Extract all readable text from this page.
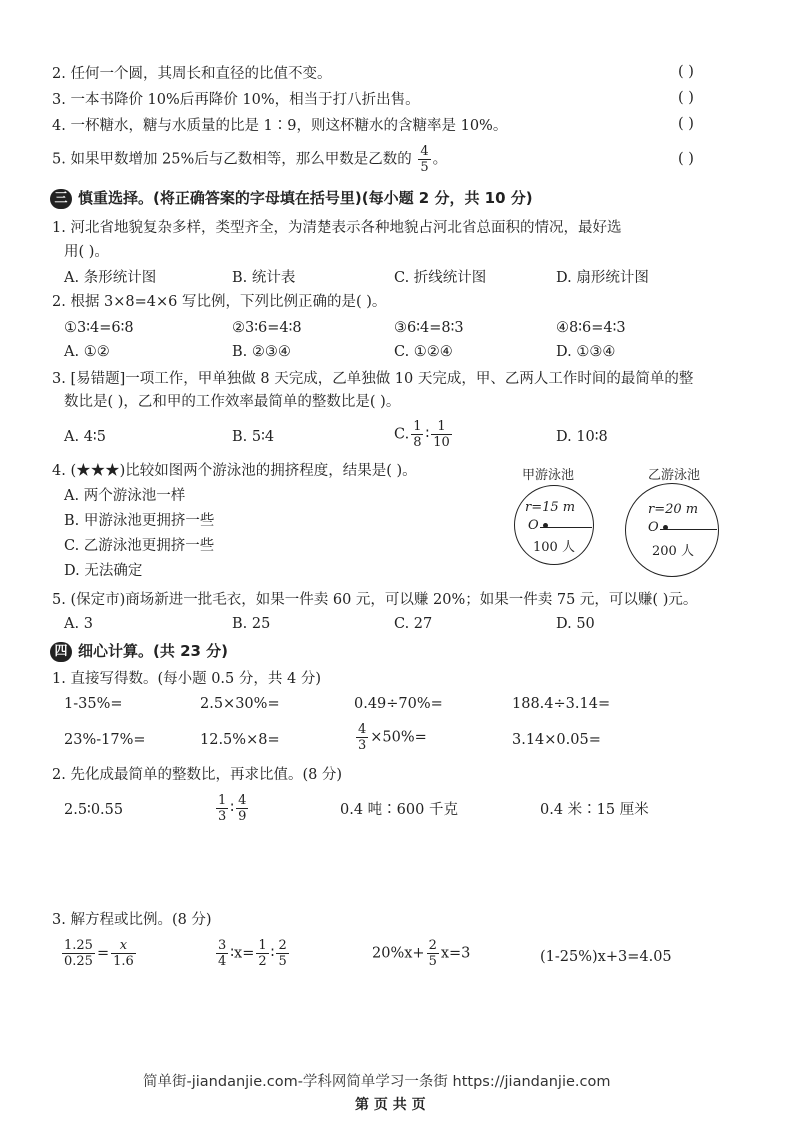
2. 任何一个圆，其周长和直径的比值不变。	( )
3. 一本书降价 10%后再降价 10%，相当于打八折出售。	( )
4. 一杯糖水，糖与水质量的比是 1∶9，则这杯糖水的含糖率是 10%。	( )
5. 如果甲数增加 25%后与乙数相等，那么甲数是乙数的 $\frac{4}{5}$ 。	( )
三 慎重选择。(将正确答案的字母填在括号里)(每小题 2 分，共 10 分)
1. 河北省地貌复杂多样，类型齐全，为清楚表示各种地貌占河北省总面积的情况，最好选
用( )。
A. 条形统计图	B. 统计表	C. 折线统计图	D. 扇形统计图
2. 根据 3×8=4×6 写比例，下列比例正确的是( )。
①3∶4=6∶8	②3∶6=4∶8	③6∶4=8∶3	④8∶6=4∶3
A. ①②	B. ②③④	C. ①②④	D. ①③④
3. [易错题]一项工作，甲单独做 8 天完成，乙单独做 10 天完成，甲、乙两人工作时间的最简单的整
数比是( )，乙和甲的工作效率最简单的整数比是( )。
A. 4∶5	B. 5∶4	C. $\frac{1}{8}$ ∶ $\frac{1}{10}$	D. 10∶8
4. (★★★)比较如图两个游泳池的拥挤程度，结果是( )。
A. 两个游泳池一样
B. 甲游泳池更拥挤一些
C. 乙游泳池更拥挤一些
D. 无法确定
甲游泳池
r=15 m
O
100 人
乙游泳池
r=20 m
O
200 人
5. (保定市)商场新进一批毛衣，如果一件卖 60 元，可以赚 20%；如果一件卖 75 元，可以赚( )元。
A. 3	B. 25	C. 27	D. 50
四 细心计算。(共 23 分)
1. 直接写得数。(每小题 0.5 分，共 4 分)
1-35%=	2.5×30%=	0.49÷70%=	188.4÷3.14=
23%-17%=	12.5%×8=	$\frac{4}{3} \times 50\%=$	3.14×0.05=
2. 先化成最简单的整数比，再求比值。(8 分)
2.5∶0.55	$\frac{1}{3}$ ∶ $\frac{4}{9}$	0.4 吨∶600 千克	0.4 米∶15 厘米
3. 解方程或比例。(8 分)
$\frac{1.25}{0.25} = \frac{x}{1.6}$	$\frac{3}{4}$ ∶x= $\frac{1}{2}$ ∶ $\frac{2}{5}$	$20\%x+ \frac{2}{5} x=3$	(1-25%)x+3=4.05
简单街-jiandanjie.com-学科网简单学习一条街 https://jiandanjie.com
第 页 共 页
